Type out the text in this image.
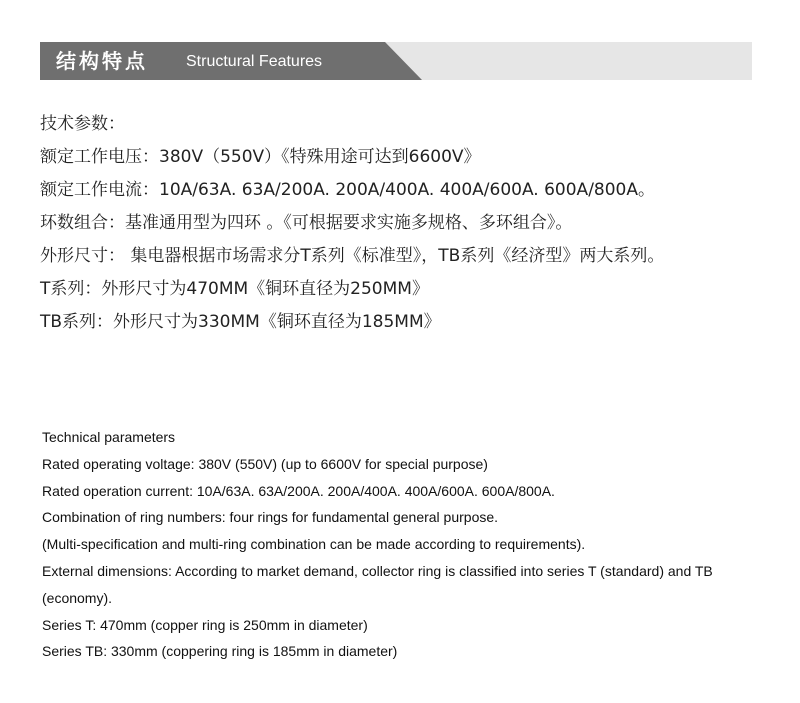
结构特点 Structural Features
技术参数：
额定工作电压：380V（550V）《特殊用途可达到6600V》
额定工作电流：10A/63A. 63A/200A. 200A/400A. 400A/600A. 600A/800A。
环数组合：基准通用型为四环 。《可根据要求实施多规格、多环组合》。
外形尺寸： 集电器根据市场需求分T系列《标准型》，TB系列《经济型》两大系列。
T系列：外形尺寸为470MM《铜环直径为250MM》
TB系列：外形尺寸为330MM《铜环直径为185MM》
Technical parameters
Rated operating voltage: 380V (550V) (up to 6600V for special purpose)
Rated operation current: 10A/63A. 63A/200A. 200A/400A. 400A/600A. 600A/800A.
Combination of ring numbers: four rings for fundamental general purpose.
(Multi-specification and multi-ring combination can be made according to requirements).
External dimensions: According to market demand, collector ring is classified into series T (standard) and TB (economy).
Series T: 470mm (copper ring is 250mm in diameter)
Series TB: 330mm (coppering ring is 185mm in diameter)
